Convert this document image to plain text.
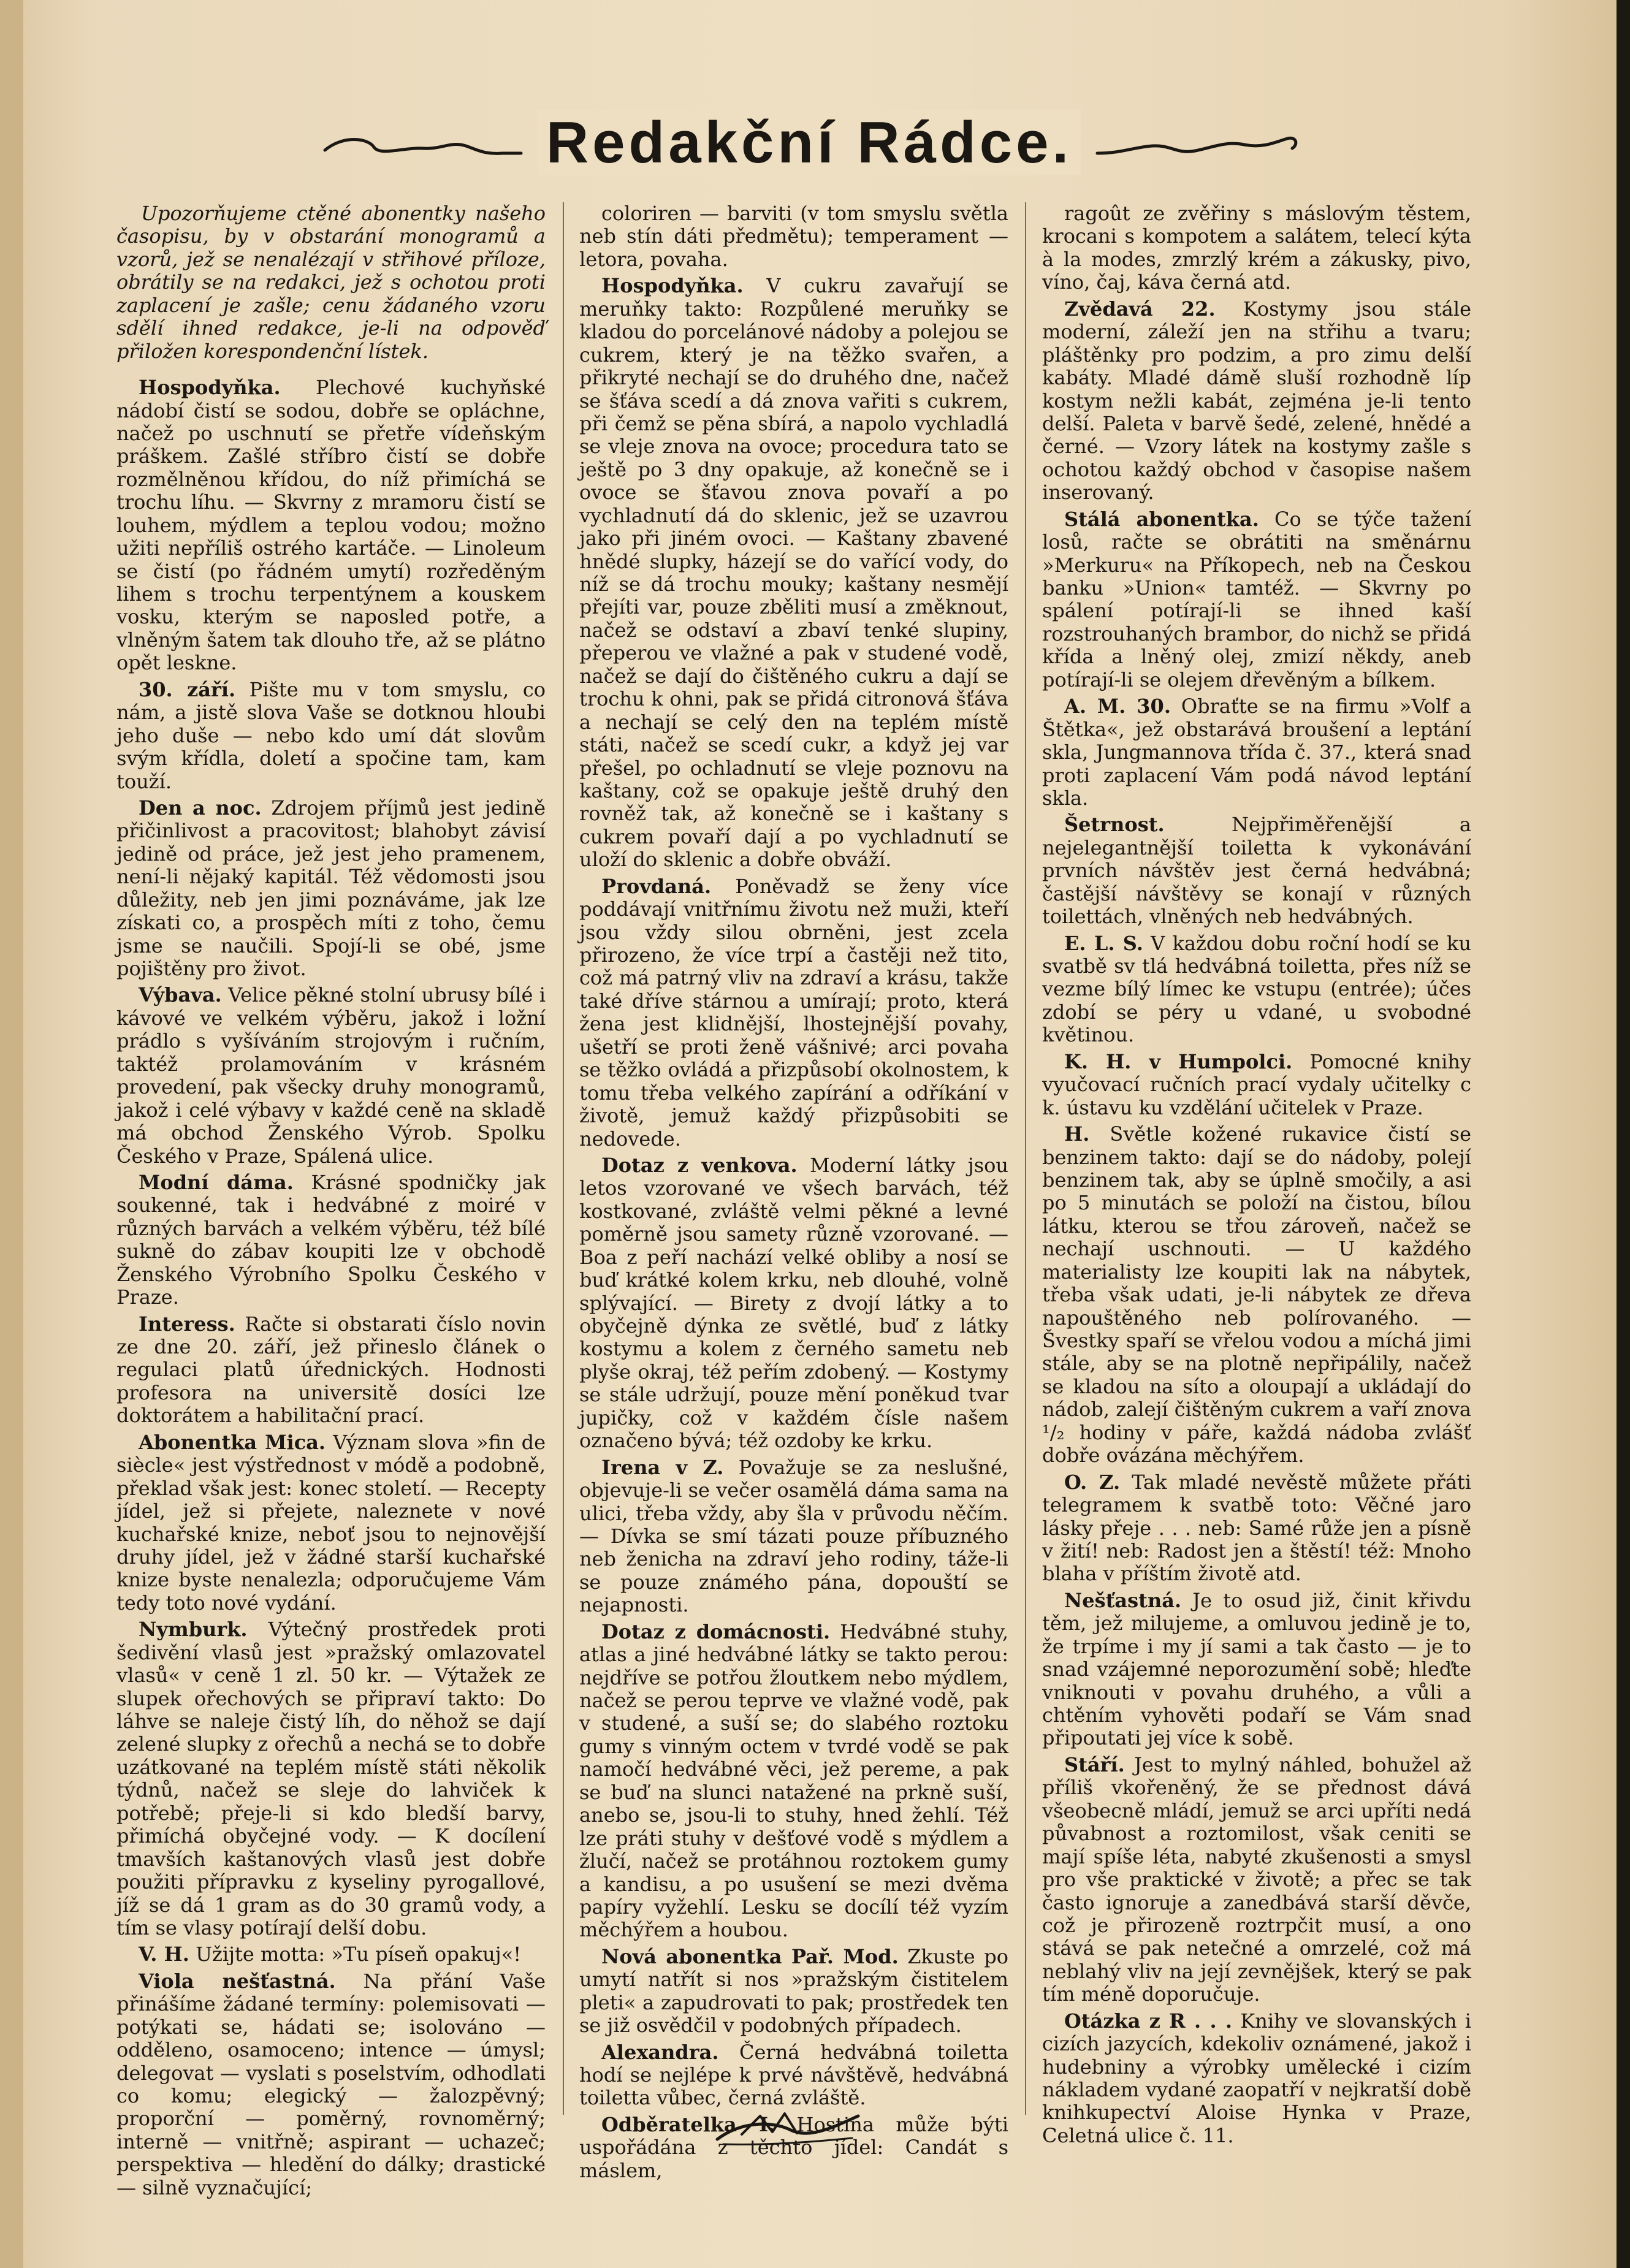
Redakční Rádce.

Upozorňujeme ctěné abonentky našeho časopisu, by v obstarání monogramů a vzorů, jež se nenalézají v střihové příloze, obrátily se na redakci, jež s ochotou proti zaplacení je zašle; cenu žádaného vzoru sdělí ihned redakce, je-li na odpověď přiložen korespondenční lístek.

Hospodyňka. Plechové kuchyňské nádobí čistí se sodou, dobře se opláchne, načež po uschnutí se přetře vídeňským práškem. Zašlé stříbro čistí se dobře rozmělněnou křídou, do níž přimíchá se trochu líhu. — Skvrny z mramoru čistí se louhem, mýdlem a teplou vodou; možno užiti nepříliš ostrého kartáče. — Linoleum se čistí (po řádném umytí) rozředěným lihem s trochu terpentýnem a kouskem vosku, kterým se naposled potře, a vlněným šatem tak dlouho tře, až se plátno opět leskne.

30. září. Pište mu v tom smyslu, co nám, a jistě slova Vaše se dotknou hloubi jeho duše — nebo kdo umí dát slovům svým křídla, doletí a spočine tam, kam touží.

Den a noc. Zdrojem příjmů jest jedině přičinlivost a pracovitost; blahobyt závisí jedině od práce, jež jest jeho pramenem, není-li nějaký kapitál. Též vědomosti jsou důležity, neb jen jimi poznáváme, jak lze získati co, a prospěch míti z toho, čemu jsme se naučili. Spojí-li se obé, jsme pojištěny pro život.

Výbava. Velice pěkné stolní ubrusy bílé i kávové ve velkém výběru, jakož i ložní prádlo s vyšíváním strojovým i ručním, taktéž prolamováním v krásném provedení, pak všecky druhy monogramů, jakož i celé výbavy v každé ceně na skladě má obchod Ženského Výrob. Spolku Českého v Praze, Spálená ulice.

Modní dáma. Krásné spodničky jak soukenné, tak i hedvábné z moiré v různých barvách a velkém výběru, též bílé sukně do zábav koupiti lze v obchodě Ženského Výrobního Spolku Českého v Praze.

Interess. Račte si obstarati číslo novin ze dne 20. září, jež přineslo článek o regulaci platů úřednických. Hodnosti profesora na universitě dosíci lze doktorátem a habilitační prací.

Abonentka Mica. Význam slova »fin de siècle« jest výstřednost v módě a podobně, překlad však jest: konec století. — Recepty jídel, jež si přejete, naleznete v nové kuchařské knize, neboť jsou to nejnovější druhy jídel, jež v žádné starší kuchařské knize byste nenalezla; odporučujeme Vám tedy toto nové vydání.

Nymburk. Výtečný prostředek proti šedivění vlasů jest »pražský omlazovatel vlasů« v ceně 1 zl. 50 kr. — Výtažek ze slupek ořechových se připraví takto: Do láhve se naleje čistý líh, do něhož se dají zelené slupky z ořechů a nechá se to dobře uzátkované na teplém místě státi několik týdnů, načež se sleje do lahviček k potřebě; přeje-li si kdo bledší barvy, přimíchá obyčejné vody. — K docílení tmavších kaštanových vlasů jest dobře použiti přípravku z kyseliny pyrogallové, jíž se dá 1 gram as do 30 gramů vody, a tím se vlasy potírají delší dobu.

V. H. Užijte motta: »Tu píseň opakuj«!

Viola nešťastná. Na přání Vaše přinášíme žádané termíny: polemisovati — potýkati se, hádati se; isolováno — odděleno, osamoceno; intence — úmysl; delegovat — vyslati s poselstvím, odhodlati co komu; elegický — žalozpěvný; proporční — poměrný, rovnoměrný; interně — vnitřně; aspirant — uchazeč; perspektiva — hledění do dálky; drastické — silně vyznačující;

coloriren — barviti (v tom smyslu světla neb stín dáti předmětu); temperament — letora, povaha.

Hospodyňka. V cukru zavařují se meruňky takto: Rozpůlené meruňky se kladou do porcelánové nádoby a polejou se cukrem, který je na těžko svařen, a přikryté nechají se do druhého dne, načež se šťáva scedí a dá znova vařiti s cukrem, při čemž se pěna sbírá, a napolo vychladlá se vleje znova na ovoce; procedura tato se ještě po 3 dny opakuje, až konečně se i ovoce se šťavou znova povaří a po vychladnutí dá do sklenic, jež se uzavrou jako při jiném ovoci. — Kaštany zbavené hnědé slupky, házejí se do vařící vody, do níž se dá trochu mouky; kaštany nesmějí přejíti var, pouze zběliti musí a změknout, načež se odstaví a zbaví tenké slupiny, přeperou ve vlažné a pak v studené vodě, načež se dají do čištěného cukru a dají se trochu k ohni, pak se přidá citronová šťáva a nechají se celý den na teplém místě státi, načež se scedí cukr, a když jej var přešel, po ochladnutí se vleje poznovu na kaštany, což se opakuje ještě druhý den rovněž tak, až konečně se i kaštany s cukrem povaří dají a po vychladnutí se uloží do sklenic a dobře obváží.

Provdaná. Poněvadž se ženy více poddávají vnitřnímu životu než muži, kteří jsou vždy silou obrněni, jest zcela přirozeno, že více trpí a častěji než tito, což má patrný vliv na zdraví a krásu, takže také dříve stárnou a umírají; proto, která žena jest klidnější, lhostejnější povahy, ušetří se proti ženě vášnivé; arci povaha se těžko ovládá a přizpůsobí okolnostem, k tomu třeba velkého zapírání a odříkání v životě, jemuž každý přizpůsobiti se nedovede.

Dotaz z venkova. Moderní látky jsou letos vzorované ve všech barvách, též kostkované, zvláště velmi pěkné a levné poměrně jsou samety různě vzorované. — Boa z peří nachází velké obliby a nosí se buď krátké kolem krku, neb dlouhé, volně splývající. — Birety z dvojí látky a to obyčejně dýnka ze světlé, buď z látky kostymu a kolem z černého sametu neb plyše okraj, též peřím zdobený. — Kostymy se stále udržují, pouze mění poněkud tvar jupičky, což v každém čísle našem označeno bývá; též ozdoby ke krku.

Irena v Z. Považuje se za neslušné, objevuje-li se večer osamělá dáma sama na ulici, třeba vždy, aby šla v průvodu něčím. — Dívka se smí tázati pouze příbuzného neb ženicha na zdraví jeho rodiny, táže-li se pouze známého pána, dopouští se nejapnosti.

Dotaz z domácnosti. Hedvábné stuhy, atlas a jiné hedvábné látky se takto perou: nejdříve se potřou žloutkem nebo mýdlem, načež se perou teprve ve vlažné vodě, pak v studené, a suší se; do slabého roztoku gumy s vinným octem v tvrdé vodě se pak namočí hedvábné věci, jež pereme, a pak se buď na slunci natažené na prkně suší, anebo se, jsou-li to stuhy, hned žehlí. Též lze práti stuhy v dešťové vodě s mýdlem a žlučí, načež se protáhnou roztokem gumy a kandisu, a po usušení se mezi dvěma papíry vyžehlí. Lesku se docílí též vyzím měchýřem a houbou.

Nová abonentka Pař. Mod. Zkuste po umytí natřít si nos »pražským čistitelem pleti« a zapudrovati to pak; prostředek ten se již osvědčil v podobných případech.

Alexandra. Černá hedvábná toiletta hodí se nejlépe k prvé návštěvě, hedvábná toiletta vůbec, černá zvláště.

Odběratelka I. Hostina může býti uspořádána z těchto jídel: Candát s máslem,

ragoût ze zvěřiny s máslovým těstem, krocani s kompotem a salátem, telecí kýta à la modes, zmrzlý krém a zákusky, pivo, víno, čaj, káva černá atd.

Zvědavá 22. Kostymy jsou stále moderní, záleží jen na střihu a tvaru; pláštěnky pro podzim, a pro zimu delší kabáty. Mladé dámě sluší rozhodně líp kostym nežli kabát, zejména je-li tento delší. Paleta v barvě šedé, zelené, hnědé a černé. — Vzory látek na kostymy zašle s ochotou každý obchod v časopise našem inserovaný.

Stálá abonentka. Co se týče tažení losů, račte se obrátiti na směnárnu »Merkuru« na Příkopech, neb na Českou banku »Union« tamtéž. — Skvrny po spálení potírají-li se ihned kaší rozstrouhaných brambor, do nichž se přidá křída a lněný olej, zmizí někdy, aneb potírají-li se olejem dřevěným a bílkem.

A. M. 30. Obraťte se na firmu »Volf a Štětka«, jež obstarává broušení a leptání skla, Jungmannova třída č. 37., která snad proti zaplacení Vám podá návod leptání skla.

Šetrnost. Nejpřiměřenější a nejelegantnější toiletta k vykonávání prvních návštěv jest černá hedvábná; častější návštěvy se konají v různých toilettách, vlněných neb hedvábných.

E. L. S. V každou dobu roční hodí se ku svatbě sv tlá hedvábná toiletta, přes níž se vezme bílý límec ke vstupu (entrée); účes zdobí se péry u vdané, u svobodné květinou.

K. H. v Humpolci. Pomocné knihy vyučovací ručních prací vydaly učitelky c k. ústavu ku vzdělání učitelek v Praze.

H. Světle kožené rukavice čistí se benzinem takto: dají se do nádoby, polejí benzinem tak, aby se úplně smočily, a asi po 5 minutách se položí na čistou, bílou látku, kterou se třou zároveň, načež se nechají uschnouti. — U každého materialisty lze koupiti lak na nábytek, třeba však udati, je-li nábytek ze dřeva napouštěného neb polírovaného. — Švestky spaří se vřelou vodou a míchá jimi stále, aby se na plotně nepřipálily, načež se kladou na síto a oloupají a ukládají do nádob, zalejí čištěným cukrem a vaří znova ¹/₂ hodiny v páře, každá nádoba zvlášť dobře ovázána měchýřem.

O. Z. Tak mladé nevěstě můžete přáti telegramem k svatbě toto: Věčné jaro lásky přeje . . . neb: Samé růže jen a písně v žití! neb: Radost jen a štěstí! též: Mnoho blaha v příštím životě atd.

Nešťastná. Je to osud již, činit křivdu těm, jež milujeme, a omluvou jedině je to, že trpíme i my jí sami a tak často — je to snad vzájemné neporozumění sobě; hleďte vniknouti v povahu druhého, a vůli a chtěním vyhověti podaří se Vám snad připoutati jej více k sobě.

Stáří. Jest to mylný náhled, bohužel až příliš vkořeněný, že se přednost dává všeobecně mládí, jemuž se arci upříti nedá půvabnost a roztomilost, však ceniti se mají spíše léta, nabyté zkušenosti a smysl pro vše praktické v životě; a přec se tak často ignoruje a zanedbává starší děvče, což je přirozeně roztrpčit musí, a ono stává se pak netečné a omrzelé, což má neblahý vliv na její zevnějšek, který se pak tím méně doporučuje.

Otázka z R . . . Knihy ve slovanských i cizích jazycích, kdekoliv oznámené, jakož i hudebniny a výrobky umělecké i cizím nákladem vydané zaopatří v nejkratší době knihkupectví Aloise Hynka v Praze, Celetná ulice č. 11.
